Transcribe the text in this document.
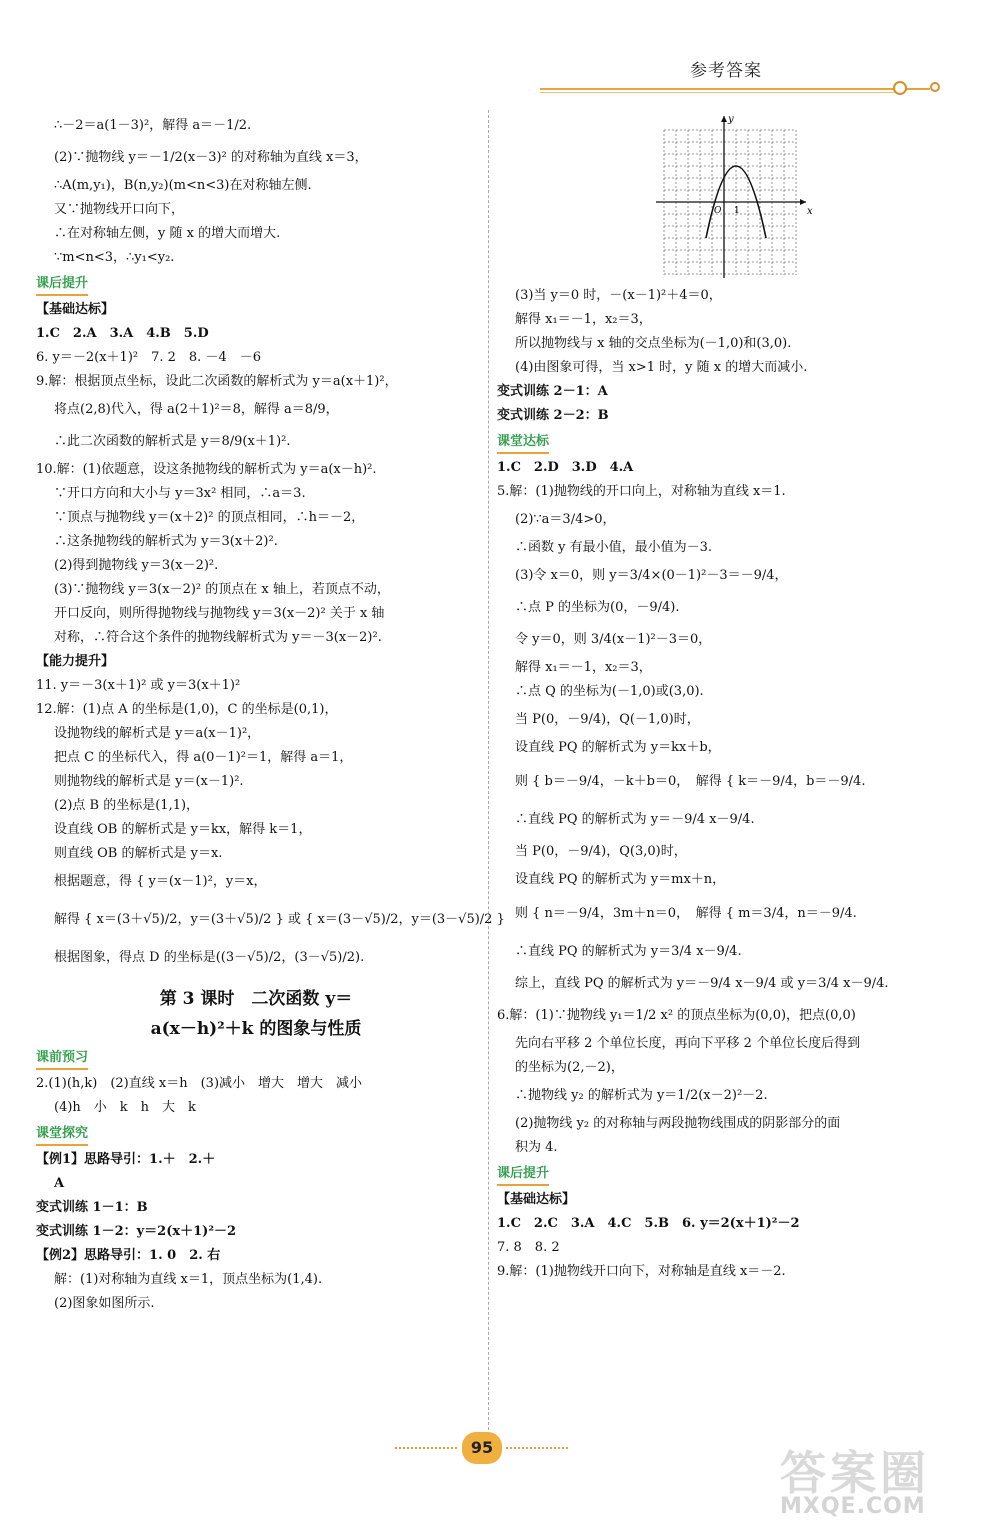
参考答案
∴－2＝a(1－3)²，解得 a＝－1/2.
(2)∵抛物线 y＝－1/2(x－3)² 的对称轴为直线 x＝3，
∴A(m,y₁)，B(n,y₂)(m<n<3)在对称轴左侧.
又∵抛物线开口向下，
∴在对称轴左侧，y 随 x 的增大而增大.
∵m<n<3，∴y₁<y₂.
课后提升
【基础达标】
1.C　2.A　3.A　4.B　5.D
6. y＝－2(x＋1)²　7. 2　8. －4　－6
9.解：根据顶点坐标，设此二次函数的解析式为 y＝a(x＋1)²，
将点(2,8)代入，得 a(2＋1)²＝8，解得 a＝8/9，
∴此二次函数的解析式是 y＝8/9(x＋1)².
10.解：(1)依题意，设这条抛物线的解析式为 y＝a(x－h)².
∵开口方向和大小与 y＝3x² 相同，∴a＝3.
∵顶点与抛物线 y＝(x＋2)² 的顶点相同，∴h＝－2，
∴这条抛物线的解析式为 y＝3(x＋2)².
(2)得到抛物线 y＝3(x－2)².
(3)∵抛物线 y＝3(x－2)² 的顶点在 x 轴上，若顶点不动，
开口反向，则所得抛物线与抛物线 y＝3(x－2)² 关于 x 轴
对称，∴符合这个条件的抛物线解析式为 y＝－3(x－2)².
【能力提升】
11. y＝－3(x＋1)² 或 y＝3(x＋1)²
12.解：(1)点 A 的坐标是(1,0)，C 的坐标是(0,1)，
设抛物线的解析式是 y＝a(x－1)²，
把点 C 的坐标代入，得 a(0－1)²＝1，解得 a＝1，
则抛物线的解析式是 y＝(x－1)².
(2)点 B 的坐标是(1,1)，
设直线 OB 的解析式是 y＝kx，解得 k＝1，
则直线 OB 的解析式是 y＝x.
根据题意，得 { y＝(x－1)²，y＝x，
解得 { x＝(3＋√5)/2，y＝(3＋√5)/2 } 或 { x＝(3－√5)/2，y＝(3－√5)/2 }
根据图象，得点 D 的坐标是((3－√5)/2，(3－√5)/2).
第 3 课时　二次函数 y＝
a(x－h)²＋k 的图象与性质
课前预习
2.(1)(h,k)　(2)直线 x＝h　(3)减小　增大　增大　减小
(4)h　小　k　h　大　k
课堂探究
【例1】思路导引：1.＋　2.＋
A
变式训练 1－1：B
变式训练 1－2：y＝2(x＋1)²－2
【例2】思路导引：1. 0　2. 右
解：(1)对称轴为直线 x＝1，顶点坐标为(1,4).
(2)图象如图所示.
x
y
O 1
(3)当 y＝0 时，－(x－1)²＋4＝0，
解得 x₁＝－1，x₂＝3，
所以抛物线与 x 轴的交点坐标为(－1,0)和(3,0).
(4)由图象可得，当 x>1 时，y 随 x 的增大而减小.
变式训练 2－1：A
变式训练 2－2：B
课堂达标
1.C　2.D　3.D　4.A
5.解：(1)抛物线的开口向上，对称轴为直线 x＝1.
(2)∵a＝3/4>0，
∴函数 y 有最小值，最小值为－3.
(3)令 x＝0，则 y＝3/4×(0－1)²－3＝－9/4，
∴点 P 的坐标为(0，－9/4).
令 y＝0，则 3/4(x－1)²－3＝0，
解得 x₁＝－1，x₂＝3，
∴点 Q 的坐标为(－1,0)或(3,0).
当 P(0，－9/4)，Q(－1,0)时，
设直线 PQ 的解析式为 y＝kx＋b，
则 { b＝－9/4，－k＋b＝0，　解得 { k＝－9/4，b＝－9/4.
∴直线 PQ 的解析式为 y＝－9/4 x－9/4.
当 P(0，－9/4)，Q(3,0)时，
设直线 PQ 的解析式为 y＝mx＋n，
则 { n＝－9/4，3m＋n＝0，　解得 { m＝3/4，n＝－9/4.
∴直线 PQ 的解析式为 y＝3/4 x－9/4.
综上，直线 PQ 的解析式为 y＝－9/4 x－9/4 或 y＝3/4 x－9/4.
6.解：(1)∵抛物线 y₁＝1/2 x² 的顶点坐标为(0,0)，把点(0,0)
先向右平移 2 个单位长度，再向下平移 2 个单位长度后得到
的坐标为(2,－2)，
∴抛物线 y₂ 的解析式为 y＝1/2(x－2)²－2.
(2)抛物线 y₂ 的对称轴与两段抛物线围成的阴影部分的面
积为 4.
课后提升
【基础达标】
1.C　2.C　3.A　4.C　5.B　6. y＝2(x＋1)²－2
7. 8　8. 2
9.解：(1)抛物线开口向下，对称轴是直线 x＝－2.
95	答案圈
MXQE.COM
